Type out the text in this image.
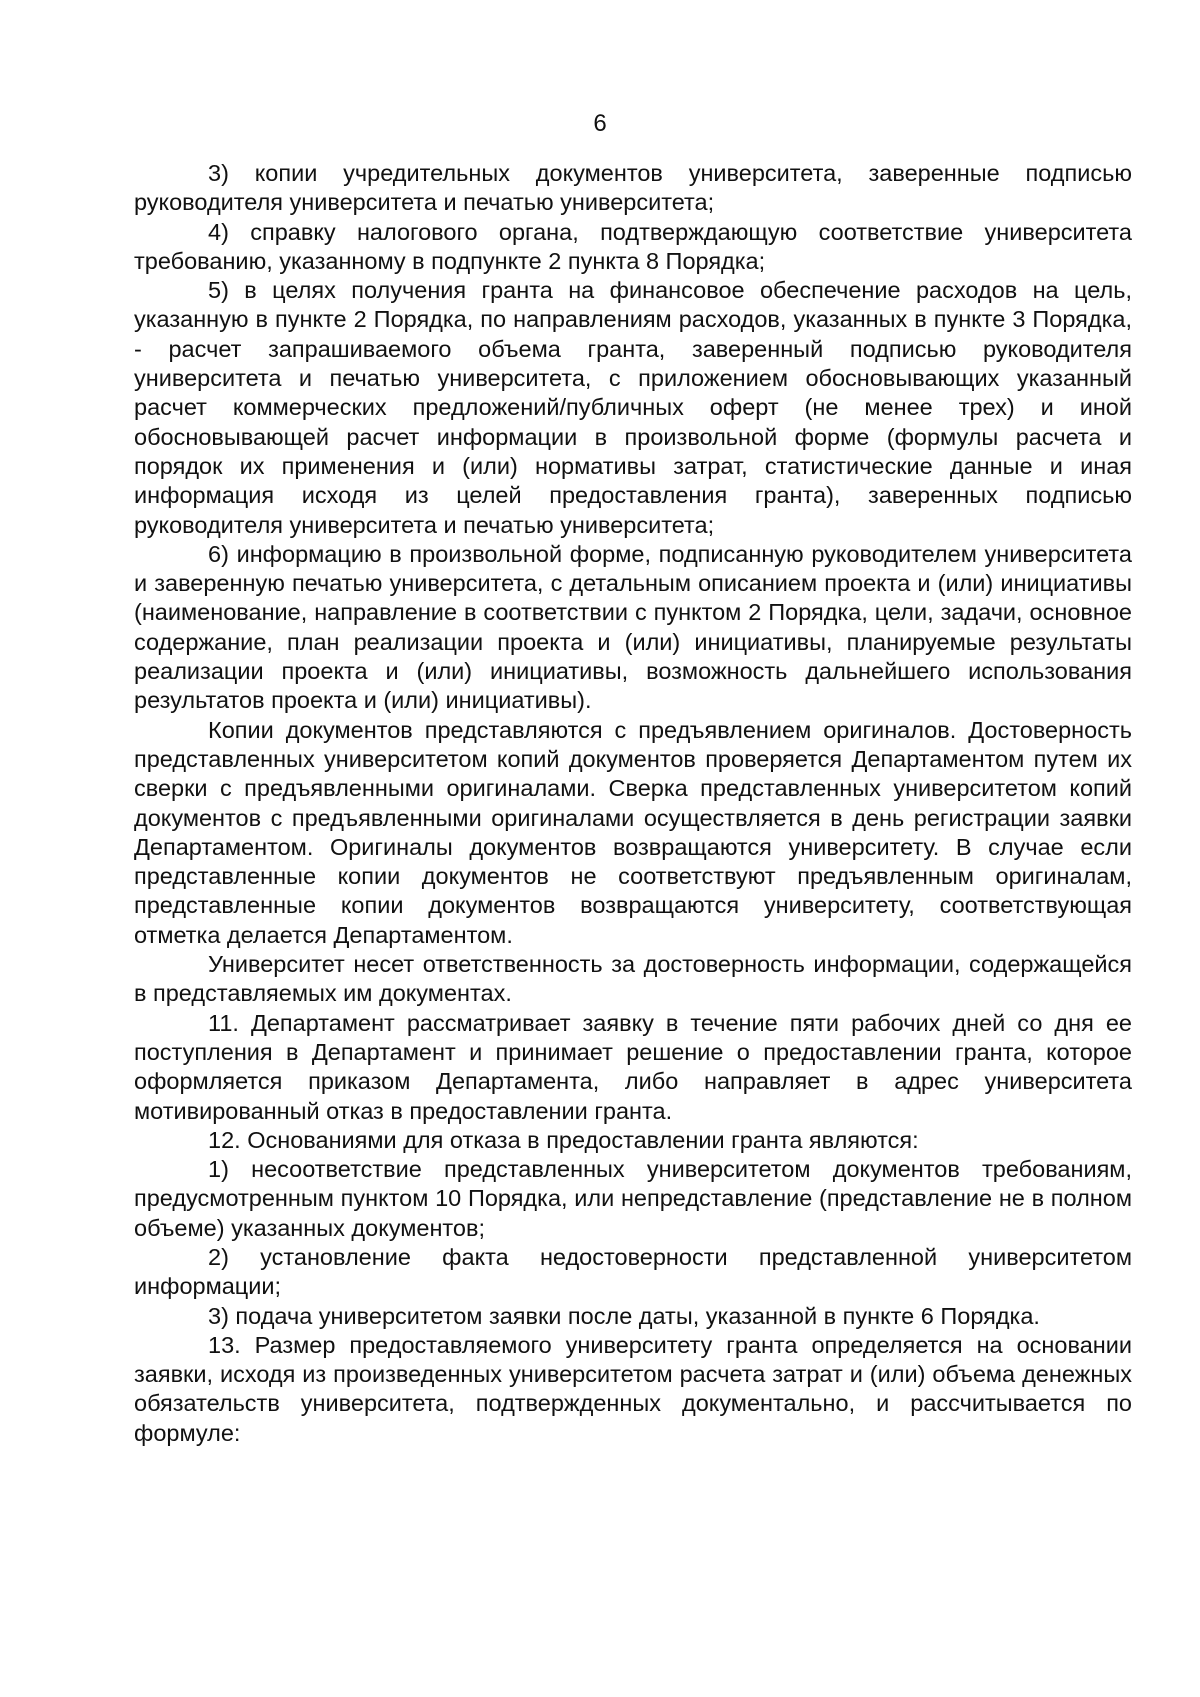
6

3) копии учредительных документов университета, заверенные подписью руководителя университета и печатью университета;

4) справку налогового органа, подтверждающую соответствие университета требованию, указанному в подпункте 2 пункта 8 Порядка;

5) в целях получения гранта на финансовое обеспечение расходов на цель, указанную в пункте 2 Порядка, по направлениям расходов, указанных в пункте 3 Порядка, - расчет запрашиваемого объема гранта, заверенный подписью руководителя университета и печатью университета, с приложением обосновывающих указанный расчет коммерческих предложений/публичных оферт (не менее трех) и иной обосновывающей расчет информации в произвольной форме (формулы расчета и порядок их применения и (или) нормативы затрат, статистические данные и иная информация исходя из целей предоставления гранта), заверенных подписью руководителя университета и печатью университета;

6) информацию в произвольной форме, подписанную руководителем университета и заверенную печатью университета, с детальным описанием проекта и (или) инициативы (наименование, направление в соответствии с пунктом 2 Порядка, цели, задачи, основное содержание, план реализации проекта и (или) инициативы, планируемые результаты реализации проекта и (или) инициативы, возможность дальнейшего использования результатов проекта и (или) инициативы).

Копии документов представляются с предъявлением оригиналов. Достоверность представленных университетом копий документов проверяется Департаментом путем их сверки с предъявленными оригиналами. Сверка представленных университетом копий документов с предъявленными оригиналами осуществляется в день регистрации заявки Департаментом. Оригиналы документов возвращаются университету. В случае если представленные копии документов не соответствуют предъявленным оригиналам, представленные копии документов возвращаются университету, соответствующая отметка делается Департаментом.

Университет несет ответственность за достоверность информации, содержащейся в представляемых им документах.

11. Департамент рассматривает заявку в течение пяти рабочих дней со дня ее поступления в Департамент и принимает решение о предоставлении гранта, которое оформляется приказом Департамента, либо направляет в адрес университета мотивированный отказ в предоставлении гранта.

12. Основаниями для отказа в предоставлении гранта являются:

1) несоответствие представленных университетом документов требованиям, предусмотренным пунктом 10 Порядка, или непредставление (представление не в полном объеме) указанных документов;

2) установление факта недостоверности представленной университетом информации;

3) подача университетом заявки после даты, указанной в пункте 6 Порядка.

13. Размер предоставляемого университету гранта определяется на основании заявки, исходя из произведенных университетом расчета затрат и (или) объема денежных обязательств университета, подтвержденных документально, и рассчитывается по формуле:
